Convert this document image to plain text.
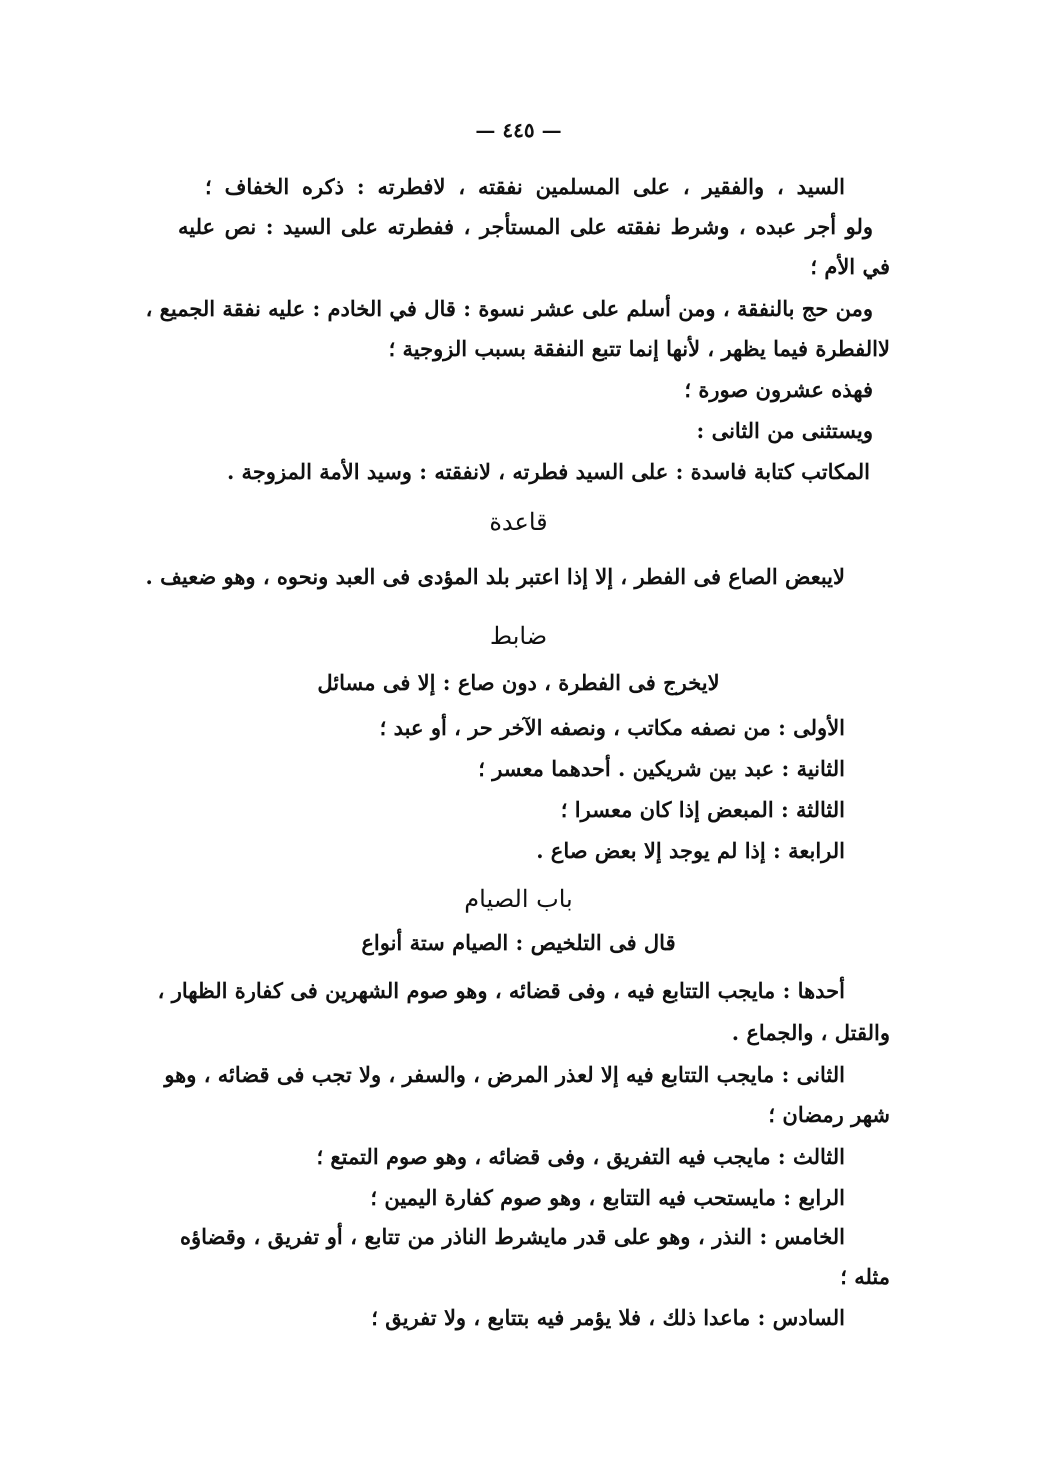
— ٤٤٥ —
السيد ، والفقير ، على المسلمين نفقته ، لافطرته : ذكره الخفاف ؛
ولو أجر عبده ، وشرط نفقته على المستأجر ، ففطرته على السيد : نص عليه
في الأم ؛
ومن حج بالنفقة ، ومن أسلم على عشر نسوة : قال في الخادم : عليه نفقة الجميع ،
لاالفطرة فيما يظهر ، لأنها إنما تتبع النفقة بسبب الزوجية ؛
فهذه عشرون صورة ؛
ويستثنى من الثانى :
المكاتب كتابة فاسدة : على السيد فطرته ، لانفقته : وسيد الأمة المزوجة .
قاعدة
لايبعض الصاع فى الفطر ، إلا إذا اعتبر بلد المؤدى فى العبد ونحوه ، وهو ضعيف .
ضابط
لايخرج فى الفطرة ، دون صاع : إلا فى مسائل
الأولى : من نصفه مكاتب ، ونصفه الآخر حر ، أو عبد ؛
الثانية : عبد بين شريكين . أحدهما معسر ؛
الثالثة : المبعض إذا كان معسرا ؛
الرابعة : إذا لم يوجد إلا بعض صاع .
باب الصيام
قال فى التلخيص : الصيام ستة أنواع
أحدها : مايجب التتابع فيه ، وفى قضائه ، وهو صوم الشهرين فى كفارة الظهار ،
والقتل ، والجماع .
الثانى : مايجب التتابع فيه إلا لعذر المرض ، والسفر ، ولا تجب فى قضائه ، وهو
شهر رمضان ؛
الثالث : مايجب فيه التفريق ، وفى قضائه ، وهو صوم التمتع ؛
الرابع : مايستحب فيه التتابع ، وهو صوم كفارة اليمين ؛
الخامس : النذر ، وهو على قدر مايشرط الناذر من تتابع ، أو تفريق ، وقضاؤه
مثله ؛
السادس : ماعدا ذلك ، فلا يؤمر فيه بتتابع ، ولا تفريق ؛
